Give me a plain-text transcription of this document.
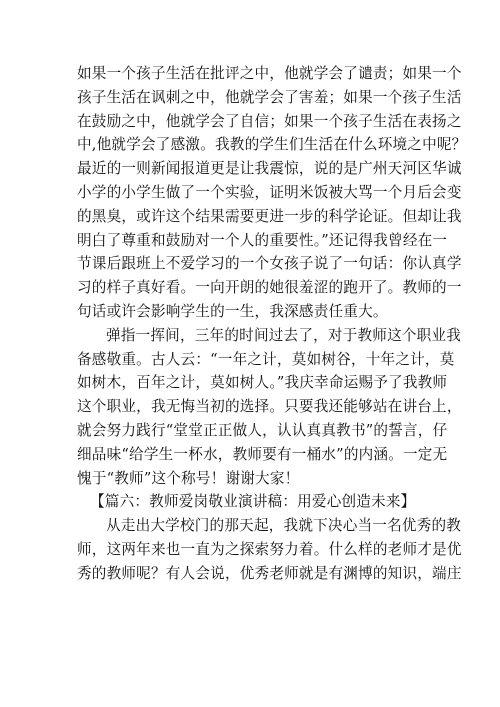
如果一个孩子生活在批评之中，他就学会了谴责；如果一个
孩子生活在讽刺之中，他就学会了害羞；如果一个孩子生活
在鼓励之中，他就学会了自信；如果一个孩子生活在表扬之
中,他就学会了感激。我教的学生们生活在什么环境之中呢？
最近的一则新闻报道更是让我震惊，说的是广州天河区华诚
小学的小学生做了一个实验，证明米饭被大骂一个月后会变
的黑臭，或许这个结果需要更进一步的科学论证。但却让我
明白了尊重和鼓励对一个人的重要性。”还记得我曾经在一
节课后跟班上不爱学习的一个女孩子说了一句话：你认真学
习的样子真好看。一向开朗的她很羞涩的跑开了。教师的一
句话或许会影响学生的一生，我深感责任重大。
弹指一挥间，三年的时间过去了，对于教师这个职业我
备感敬重。古人云：“一年之计，莫如树谷，十年之计，莫
如树木，百年之计，莫如树人。”我庆幸命运赐予了我教师
这个职业，我无悔当初的选择。只要我还能够站在讲台上，
就会努力践行“堂堂正正做人，认认真真教书”的誓言，仔
细品味“给学生一杯水，教师要有一桶水”的内涵。一定无
愧于“教师”这个称号！谢谢大家！
【篇六：教师爱岗敬业演讲稿：用爱心创造未来】
从走出大学校门的那天起，我就下决心当一名优秀的教
师，这两年来也一直为之探索努力着。什么样的老师才是优
秀的教师呢？有人会说，优秀老师就是有渊博的知识，端庄
